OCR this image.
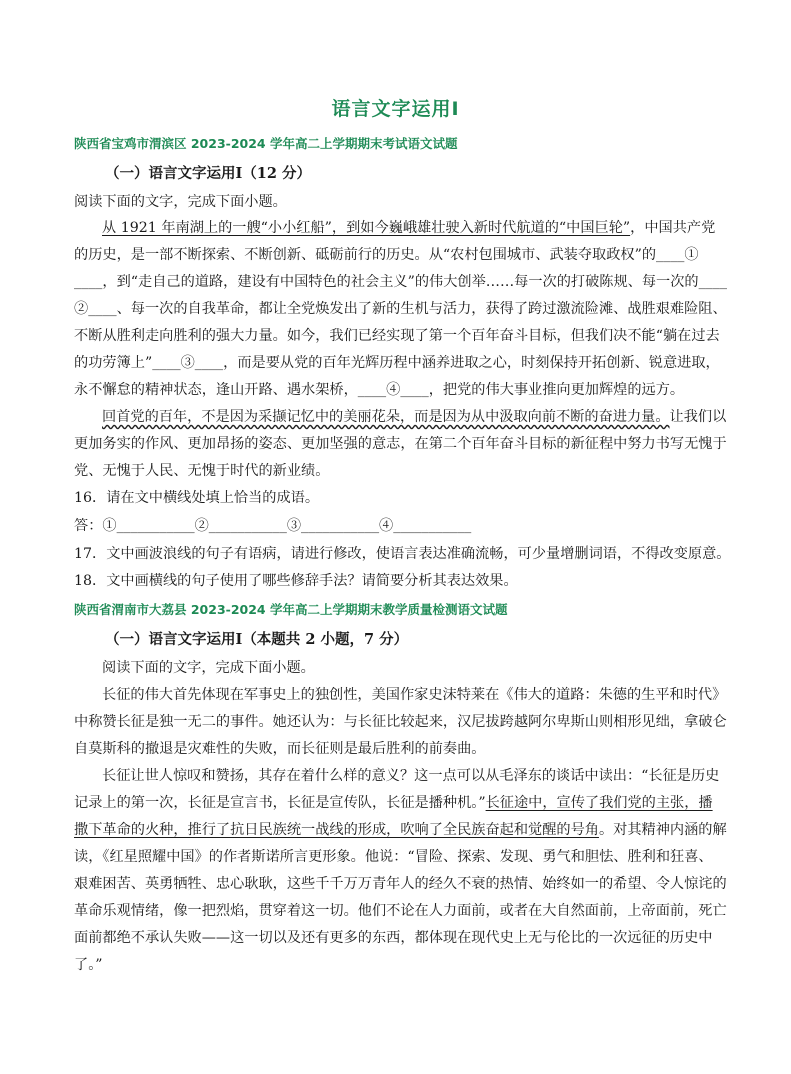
语言文字运用Ⅰ
陕西省宝鸡市渭滨区 2023-2024 学年高二上学期期末考试语文试题
（一）语言文字运用Ⅰ（12 分）
阅读下面的文字，完成下面小题。
从 1921 年南湖上的一艘“小小红船”，到如今巍峨雄壮驶入新时代航道的“中国巨轮”，中国共产党
的历史，是一部不断探索、不断创新、砥砺前行的历史。从“农村包围城市、武装夺取政权”的____①
____，到“走自己的道路，建设有中国特色的社会主义”的伟大创举……每一次的打破陈规、每一次的____
②____、每一次的自我革命，都让全党焕发出了新的生机与活力，获得了跨过激流险滩、战胜艰难险阻、
不断从胜利走向胜利的强大力量。如今，我们已经实现了第一个百年奋斗目标，但我们决不能“躺在过去
的功劳簿上”____③____，而是要从党的百年光辉历程中涵养进取之心，时刻保持开拓创新、锐意进取，
永不懈怠的精神状态，逢山开路、遇水架桥，____④____，把党的伟大事业推向更加辉煌的远方。
回首党的百年，不是因为采撷记忆中的美丽花朵，而是因为从中汲取向前不断的奋进力量。让我们以
更加务实的作风、更加昂扬的姿态、更加坚强的意志，在第二个百年奋斗目标的新征程中努力书写无愧于
党、无愧于人民、无愧于时代的新业绩。
16．请在文中横线处填上恰当的成语。
答：①___________②___________③___________④___________
17．文中画波浪线的句子有语病，请进行修改，使语言表达准确流畅，可少量增删词语，不得改变原意。
18．文中画横线的句子使用了哪些修辞手法？请简要分析其表达效果。
陕西省渭南市大荔县 2023-2024 学年高二上学期期末教学质量检测语文试题
（一）语言文字运用Ⅰ（本题共 2 小题，7 分）
阅读下面的文字，完成下面小题。
长征的伟大首先体现在军事史上的独创性，美国作家史沫特莱在《伟大的道路：朱德的生平和时代》
中称赞长征是独一无二的事件。她还认为：与长征比较起来，汉尼拔跨越阿尔卑斯山则相形见绌，拿破仑
自莫斯科的撤退是灾难性的失败，而长征则是最后胜利的前奏曲。
长征让世人惊叹和赞扬，其存在着什么样的意义？这一点可以从毛泽东的谈话中读出：“长征是历史
记录上的第一次，长征是宣言书，长征是宣传队，长征是播种机。”长征途中，宣传了我们党的主张，播
撒下革命的火种，推行了抗日民族统一战线的形成，吹响了全民族奋起和觉醒的号角。对其精神内涵的解
读，《红星照耀中国》的作者斯诺所言更形象。他说：“冒险、探索、发现、勇气和胆怯、胜利和狂喜、
艰难困苦、英勇牺牲、忠心耿耿，这些千千万万青年人的经久不衰的热情、始终如一的希望、令人惊诧的
革命乐观情绪，像一把烈焰，贯穿着这一切。他们不论在人力面前，或者在大自然面前，上帝面前，死亡
面前都绝不承认失败——这一切以及还有更多的东西，都体现在现代史上无与伦比的一次远征的历史中
了。”
